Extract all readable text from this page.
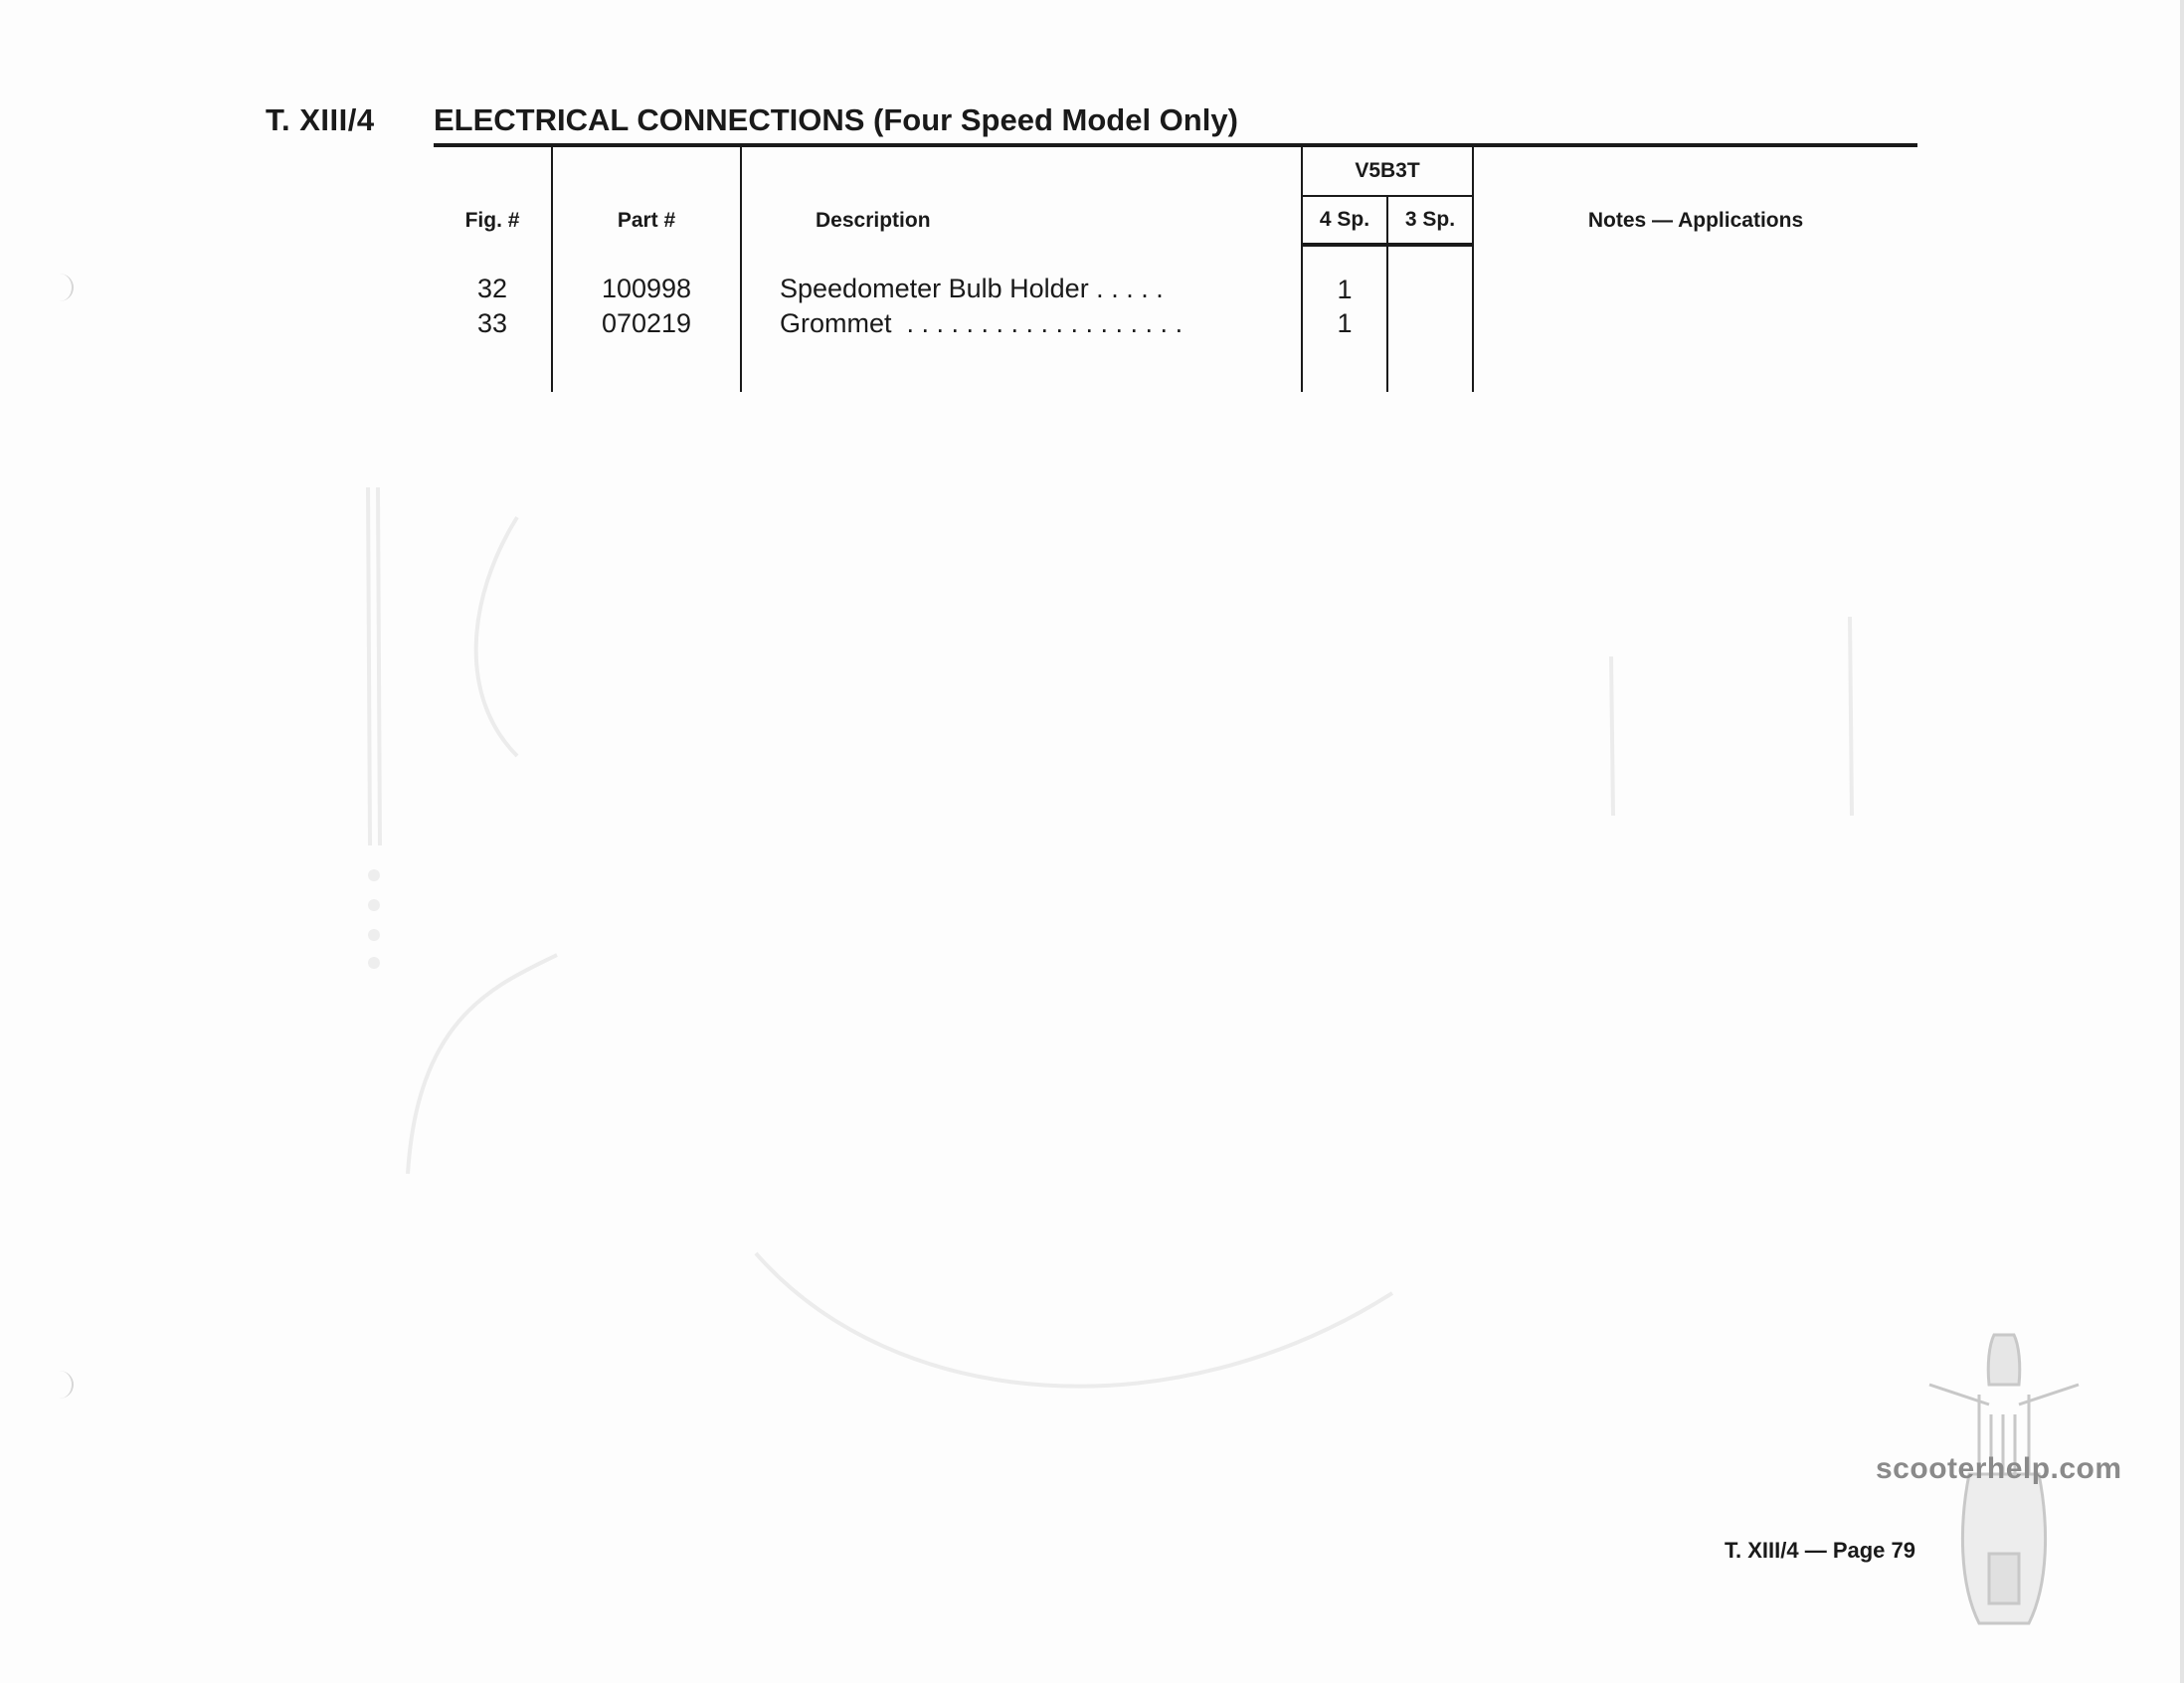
T. XIII/4 ELECTRICAL CONNECTIONS (Four Speed Model Only)
Fig. #	Part #	Description	V5B3T		Notes — Applications

			4 Sp.	3 Sp.	
32	100998	Speedometer Bulb Holder . . . . .	1		
33	070219	Grommet  . . . . . . . . . . . . . . . . . . .	1		

scooterhelp.com
T. XIII/4 — Page 79
